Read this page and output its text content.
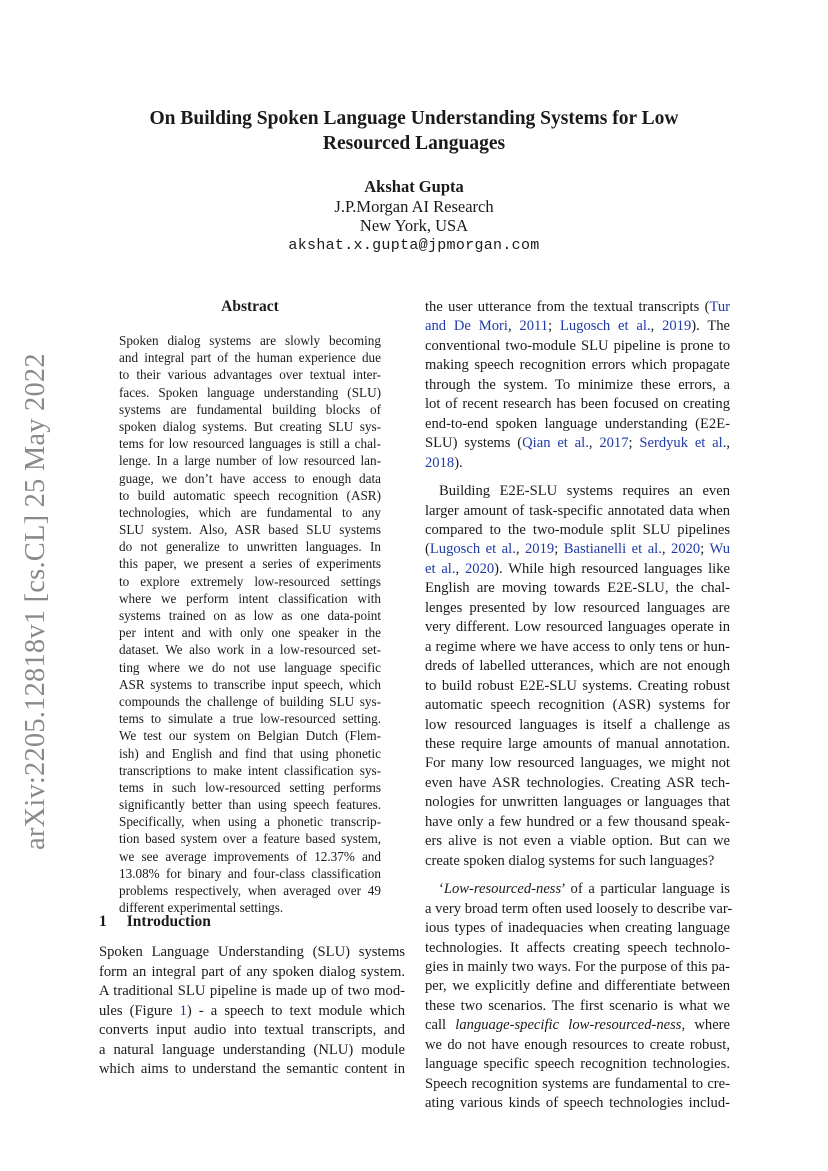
On Building Spoken Language Understanding Systems for Low
Resourced Languages
Akshat Gupta
J.P.Morgan AI Research
New York, USA
akshat.x.gupta@jpmorgan.com
arXiv:2205.12818v1 [cs.CL] 25 May 2022
Abstract
Spoken dialog systems are slowly becoming
and integral part of the human experience due
to their various advantages over textual inter-
faces. Spoken language understanding (SLU)
systems are fundamental building blocks of
spoken dialog systems. But creating SLU sys-
tems for low resourced languages is still a chal-
lenge. In a large number of low resourced lan-
guage, we don’t have access to enough data
to build automatic speech recognition (ASR)
technologies, which are fundamental to any
SLU system. Also, ASR based SLU systems
do not generalize to unwritten languages. In
this paper, we present a series of experiments
to explore extremely low-resourced settings
where we perform intent classification with
systems trained on as low as one data-point
per intent and with only one speaker in the
dataset. We also work in a low-resourced set-
ting where we do not use language specific
ASR systems to transcribe input speech, which
compounds the challenge of building SLU sys-
tems to simulate a true low-resourced setting.
We test our system on Belgian Dutch (Flem-
ish) and English and find that using phonetic
transcriptions to make intent classification sys-
tems in such low-resourced setting performs
significantly better than using speech features.
Specifically, when using a phonetic transcrip-
tion based system over a feature based system,
we see average improvements of 12.37% and
13.08% for binary and four-class classification
problems respectively, when averaged over 49
different experimental settings.
1 Introduction
Spoken Language Understanding (SLU) systems
form an integral part of any spoken dialog system.
A traditional SLU pipeline is made up of two mod-
ules (Figure 1) - a speech to text module which
converts input audio into textual transcripts, and
a natural language understanding (NLU) module
which aims to understand the semantic content in
the user utterance from the textual transcripts (Tur
and De Mori, 2011; Lugosch et al., 2019). The
conventional two-module SLU pipeline is prone to
making speech recognition errors which propagate
through the system. To minimize these errors, a
lot of recent research has been focused on creating
end-to-end spoken language understanding (E2E-
SLU) systems (Qian et al., 2017; Serdyuk et al.,
2018).
Building E2E-SLU systems requires an even
larger amount of task-specific annotated data when
compared to the two-module split SLU pipelines
(Lugosch et al., 2019; Bastianelli et al., 2020; Wu
et al., 2020). While high resourced languages like
English are moving towards E2E-SLU, the chal-
lenges presented by low resourced languages are
very different. Low resourced languages operate in
a regime where we have access to only tens or hun-
dreds of labelled utterances, which are not enough
to build robust E2E-SLU systems. Creating robust
automatic speech recognition (ASR) systems for
low resourced languages is itself a challenge as
these require large amounts of manual annotation.
For many low resourced languages, we might not
even have ASR technologies. Creating ASR tech-
nologies for unwritten languages or languages that
have only a few hundred or a few thousand speak-
ers alive is not even a viable option. But can we
create spoken dialog systems for such languages?
‘Low-resourced-ness’ of a particular language is
a very broad term often used loosely to describe var-
ious types of inadequacies when creating language
technologies. It affects creating speech technolo-
gies in mainly two ways. For the purpose of this pa-
per, we explicitly define and differentiate between
these two scenarios. The first scenario is what we
call language-specific low-resourced-ness, where
we do not have enough resources to create robust,
language specific speech recognition technologies.
Speech recognition systems are fundamental to cre-
ating various kinds of speech technologies includ-
